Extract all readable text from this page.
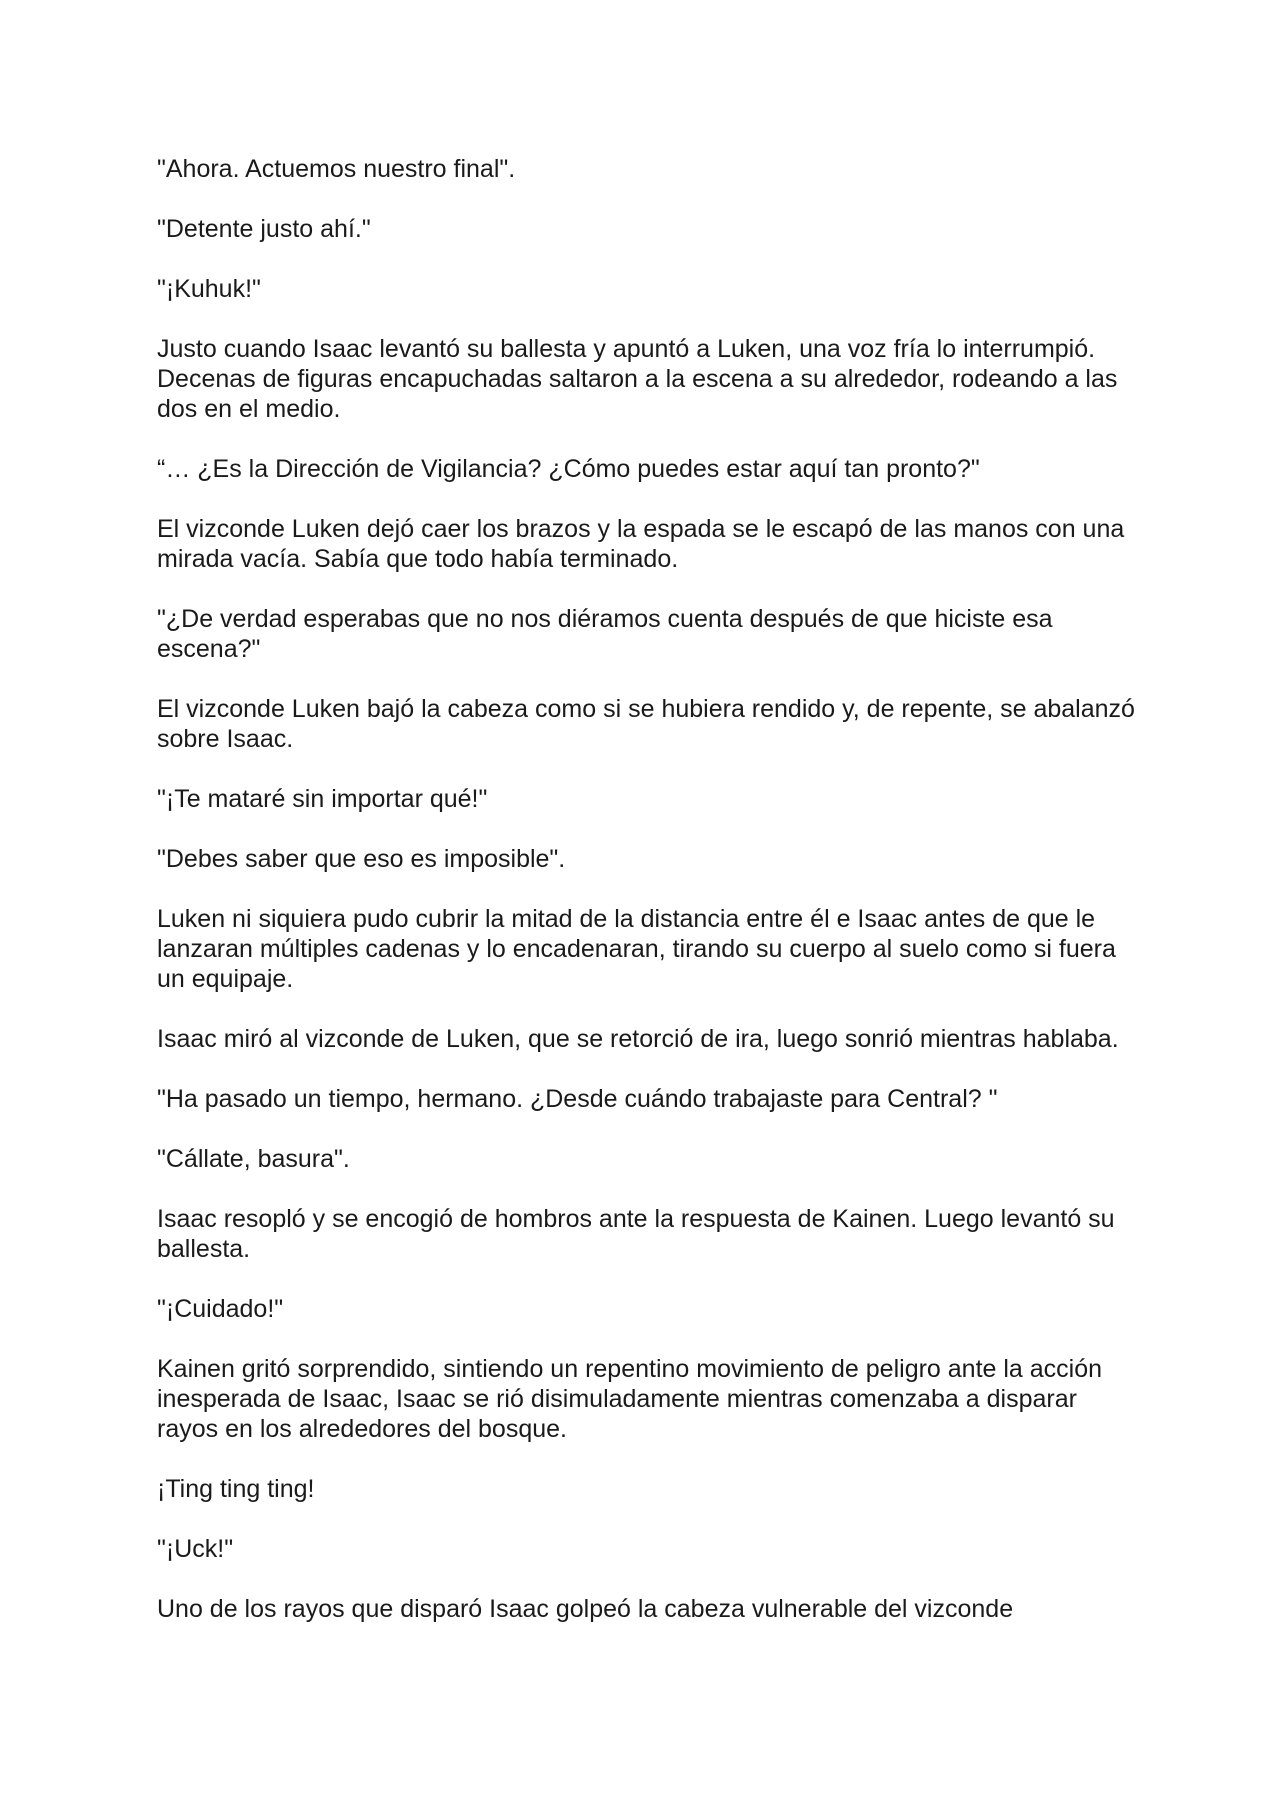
"Ahora. Actuemos nuestro final".

"Detente justo ahí."

"¡Kuhuk!"

Justo cuando Isaac levantó su ballesta y apuntó a Luken, una voz fría lo interrumpió. Decenas de figuras encapuchadas saltaron a la escena a su alrededor, rodeando a las dos en el medio.

“… ¿Es la Dirección de Vigilancia? ¿Cómo puedes estar aquí tan pronto?"

El vizconde Luken dejó caer los brazos y la espada se le escapó de las manos con una mirada vacía. Sabía que todo había terminado.

"¿De verdad esperabas que no nos diéramos cuenta después de que hiciste esa escena?"

El vizconde Luken bajó la cabeza como si se hubiera rendido y, de repente, se abalanzó sobre Isaac.

"¡Te mataré sin importar qué!"

"Debes saber que eso es imposible".

Luken ni siquiera pudo cubrir la mitad de la distancia entre él e Isaac antes de que le lanzaran múltiples cadenas y lo encadenaran, tirando su cuerpo al suelo como si fuera un equipaje.

Isaac miró al vizconde de Luken, que se retorció de ira, luego sonrió mientras hablaba.

"Ha pasado un tiempo, hermano. ¿Desde cuándo trabajaste para Central? "

"Cállate, basura".

Isaac resopló y se encogió de hombros ante la respuesta de Kainen. Luego levantó su ballesta.

"¡Cuidado!"

Kainen gritó sorprendido, sintiendo un repentino movimiento de peligro ante la acción inesperada de Isaac, Isaac se rió disimuladamente mientras comenzaba a disparar rayos en los alrededores del bosque.

¡Ting ting ting!

"¡Uck!"

Uno de los rayos que disparó Isaac golpeó la cabeza vulnerable del vizconde
